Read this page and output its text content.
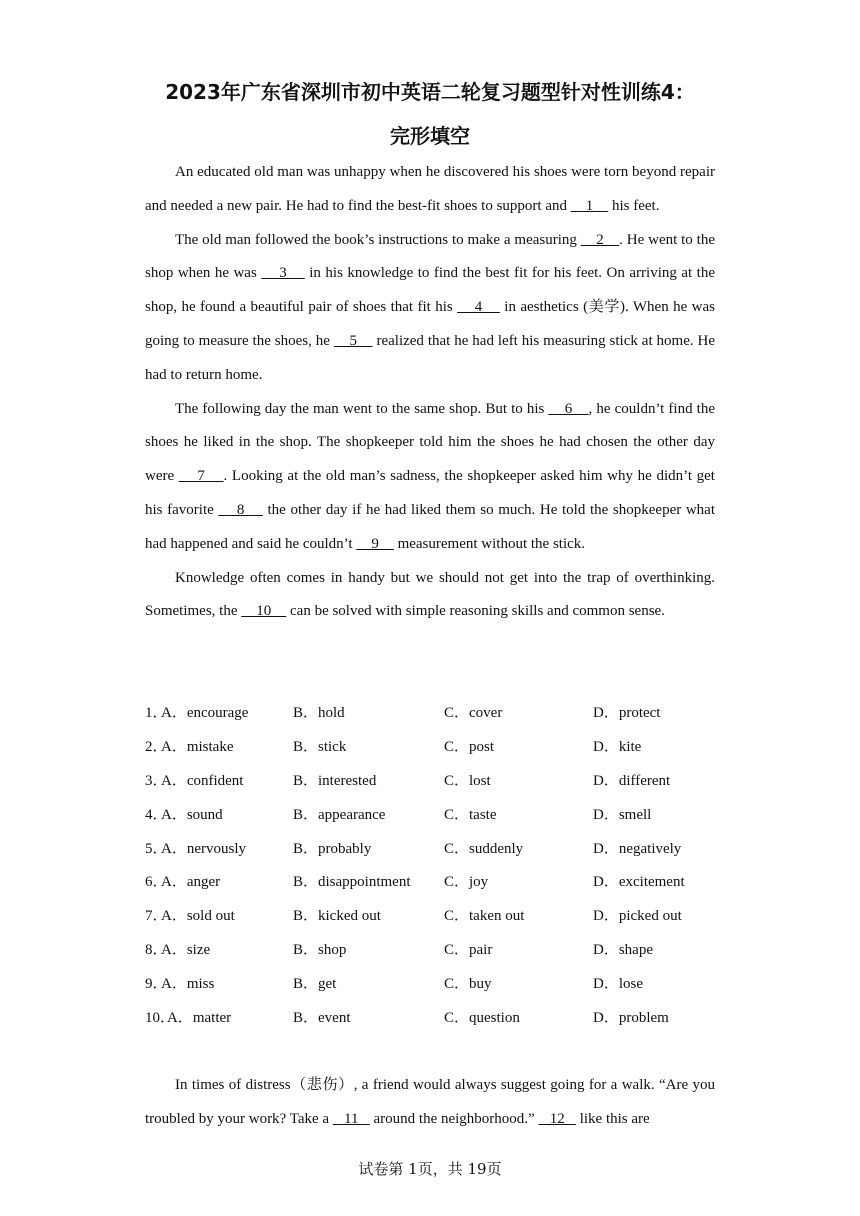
2023年广东省深圳市初中英语二轮复习题型针对性训练4：
完形填空

An educated old man was unhappy when he discovered his shoes were torn beyond repair and needed a new pair. He had to find the best-fit shoes to support and     1     his feet.

The old man followed the book’s instructions to make a measuring     2    . He went to the shop when he was     3     in his knowledge to find the best fit for his feet. On arriving at the shop, he found a beautiful pair of shoes that fit his     4     in aesthetics (美学). When he was going to measure the shoes, he     5     realized that he had left his measuring stick at home. He had to return home.

The following day the man went to the same shop. But to his     6    , he couldn’t find the shoes he liked in the shop. The shopkeeper told him the shoes he had chosen the other day were     7    . Looking at the old man’s sadness, the shopkeeper asked him why he didn’t get his favorite     8     the other day if he had liked them so much. He told the shopkeeper what had happened and said he couldn’t     9     measurement without the stick.

Knowledge often comes in handy but we should not get into the trap of overthinking. Sometimes, the     10     can be solved with simple reasoning skills and common sense.

1．
A．encourage	B．hold	C．cover	D．protect
2．
A．mistake	B．stick	C．post	D．kite
3．
A．confident	B．interested	C．lost	D．different
4．
A．sound	B．appearance	C．taste	D．smell
5．
A．nervously	B．probably	C．suddenly	D．negatively
6．
A．anger	B．disappointment C．joy	D．excitement
7．
A．sold out	B．kicked out	C．taken out	D．picked out
8．
A．size	B．shop	C．pair	D．shape
9．
A．miss	B．get	C．buy	D．lose
10．
A．matter	B．event	C．question	D．problem

In times of distress（悲伤）, a friend would always suggest going for a walk. “Are you troubled by your work? Take a    11    around the neighborhood.”    12    like this are

试卷第 1页，共 19页
